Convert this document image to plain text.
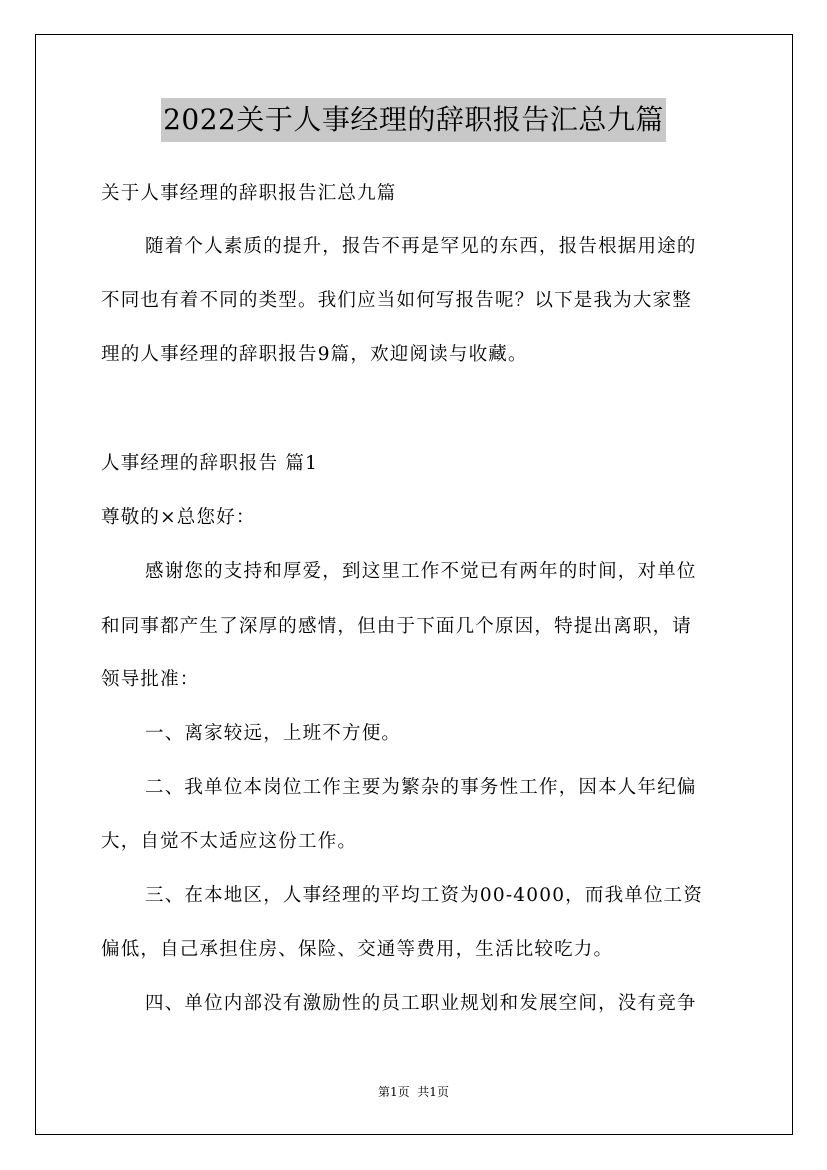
2022关于人事经理的辞职报告汇总九篇
关于人事经理的辞职报告汇总九篇
随着个人素质的提升，报告不再是罕见的东西，报告根据用途的
不同也有着不同的类型。我们应当如何写报告呢？以下是我为大家整
理的人事经理的辞职报告9篇，欢迎阅读与收藏。
人事经理的辞职报告 篇1
尊敬的×总您好：
感谢您的支持和厚爱，到这里工作不觉已有两年的时间，对单位
和同事都产生了深厚的感情，但由于下面几个原因，特提出离职，请
领导批准：
一、离家较远，上班不方便。
二、我单位本岗位工作主要为繁杂的事务性工作，因本人年纪偏
大，自觉不太适应这份工作。
三、在本地区，人事经理的平均工资为00-4000，而我单位工资
偏低，自己承担住房、保险、交通等费用，生活比较吃力。
四、单位内部没有激励性的员工职业规划和发展空间，没有竞争
第1页  共1页
